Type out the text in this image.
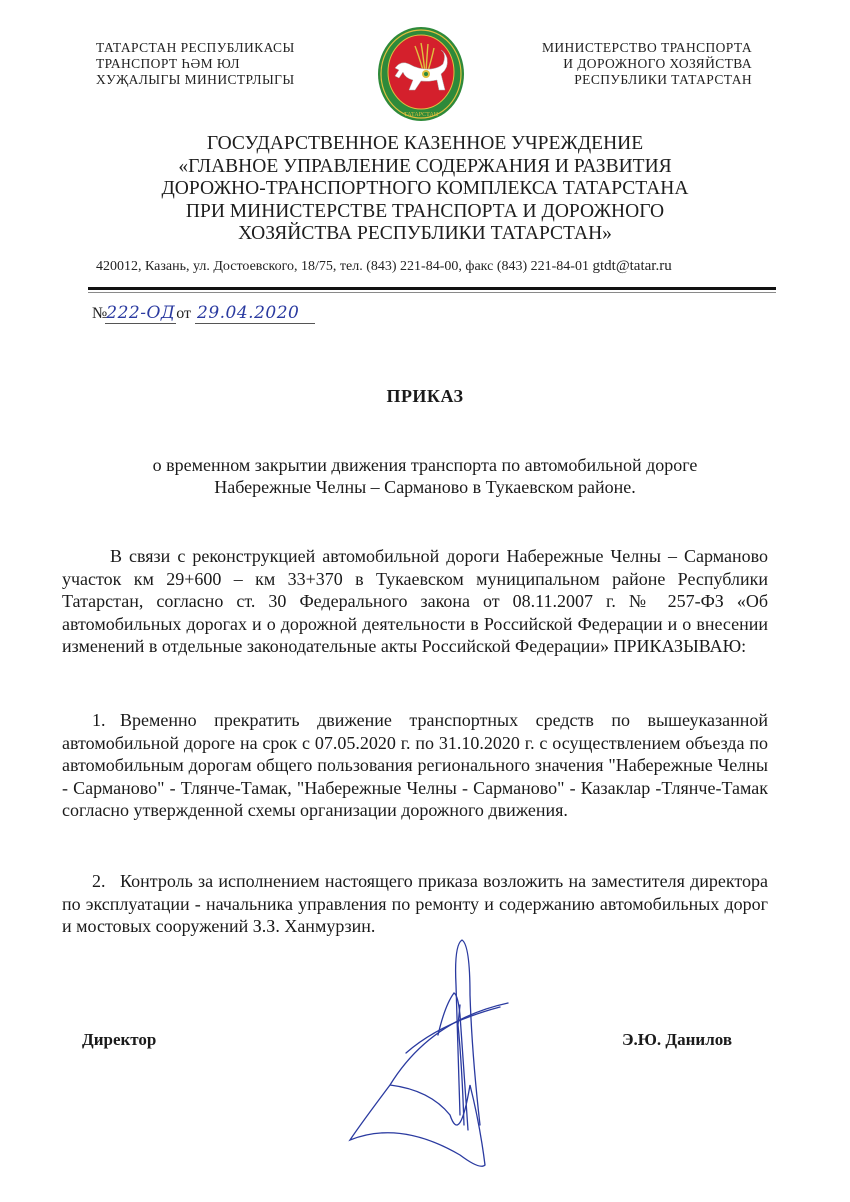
ТАТАРСТАН РЕСПУБЛИКАСЫ
ТРАНСПОРТ ҺӘМ ЮЛ
ХУҖАЛЫГЫ МИНИСТРЛЫГЫ
ТАТАРСТАН
МИНИСТЕРСТВО ТРАНСПОРТА
И ДОРОЖНОГО ХОЗЯЙСТВА
РЕСПУБЛИКИ ТАТАРСТАН
ГОСУДАРСТВЕННОЕ КАЗЕННОЕ УЧРЕЖДЕНИЕ
«ГЛАВНОЕ УПРАВЛЕНИЕ СОДЕРЖАНИЯ И РАЗВИТИЯ
ДОРОЖНО-ТРАНСПОРТНОГО КОМПЛЕКСА ТАТАРСТАНА
ПРИ МИНИСТЕРСТВЕ ТРАНСПОРТА И ДОРОЖНОГО
ХОЗЯЙСТВА РЕСПУБЛИКИ ТАТАРСТАН»
420012, Казань, ул. Достоевского, 18/75, тел. (843) 221-84-00, факс (843) 221-84-01 gtdt@tatar.ru
№222-ОДот 29.04.2020
ПРИКАЗ
о временном закрытии движения транспорта по автомобильной дороге
Набережные Челны – Сарманово в Тукаевском районе.
В связи с реконструкцией автомобильной дороги Набережные Челны – Сарманово участок км 29+600 – км 33+370 в Тукаевском муниципальном районе Республики Татарстан, согласно ст. 30 Федерального закона от 08.11.2007 г. № 257-ФЗ «Об автомобильных дорогах и о дорожной деятельности в Российской Федерации и о внесении изменений в отдельные законодательные акты Российской Федерации» ПРИКАЗЫВАЮ:
1. Временно прекратить движение транспортных средств по вышеуказанной автомобильной дороге на срок с 07.05.2020 г. по 31.10.2020 г. с осуществлением объезда по автомобильным дорогам общего пользования регионального значения "Набережные Челны - Сарманово" - Тлянче-Тамак, "Набережные Челны - Сарманово" - Казаклар -Тлянче-Тамак согласно утвержденной схемы организации дорожного движения.
2. Контроль за исполнением настоящего приказа возложить на заместителя директора по эксплуатации - начальника управления по ремонту и содержанию автомобильных дорог и мостовых сооружений З.З. Ханмурзин.
Директор	Э.Ю. Данилов
